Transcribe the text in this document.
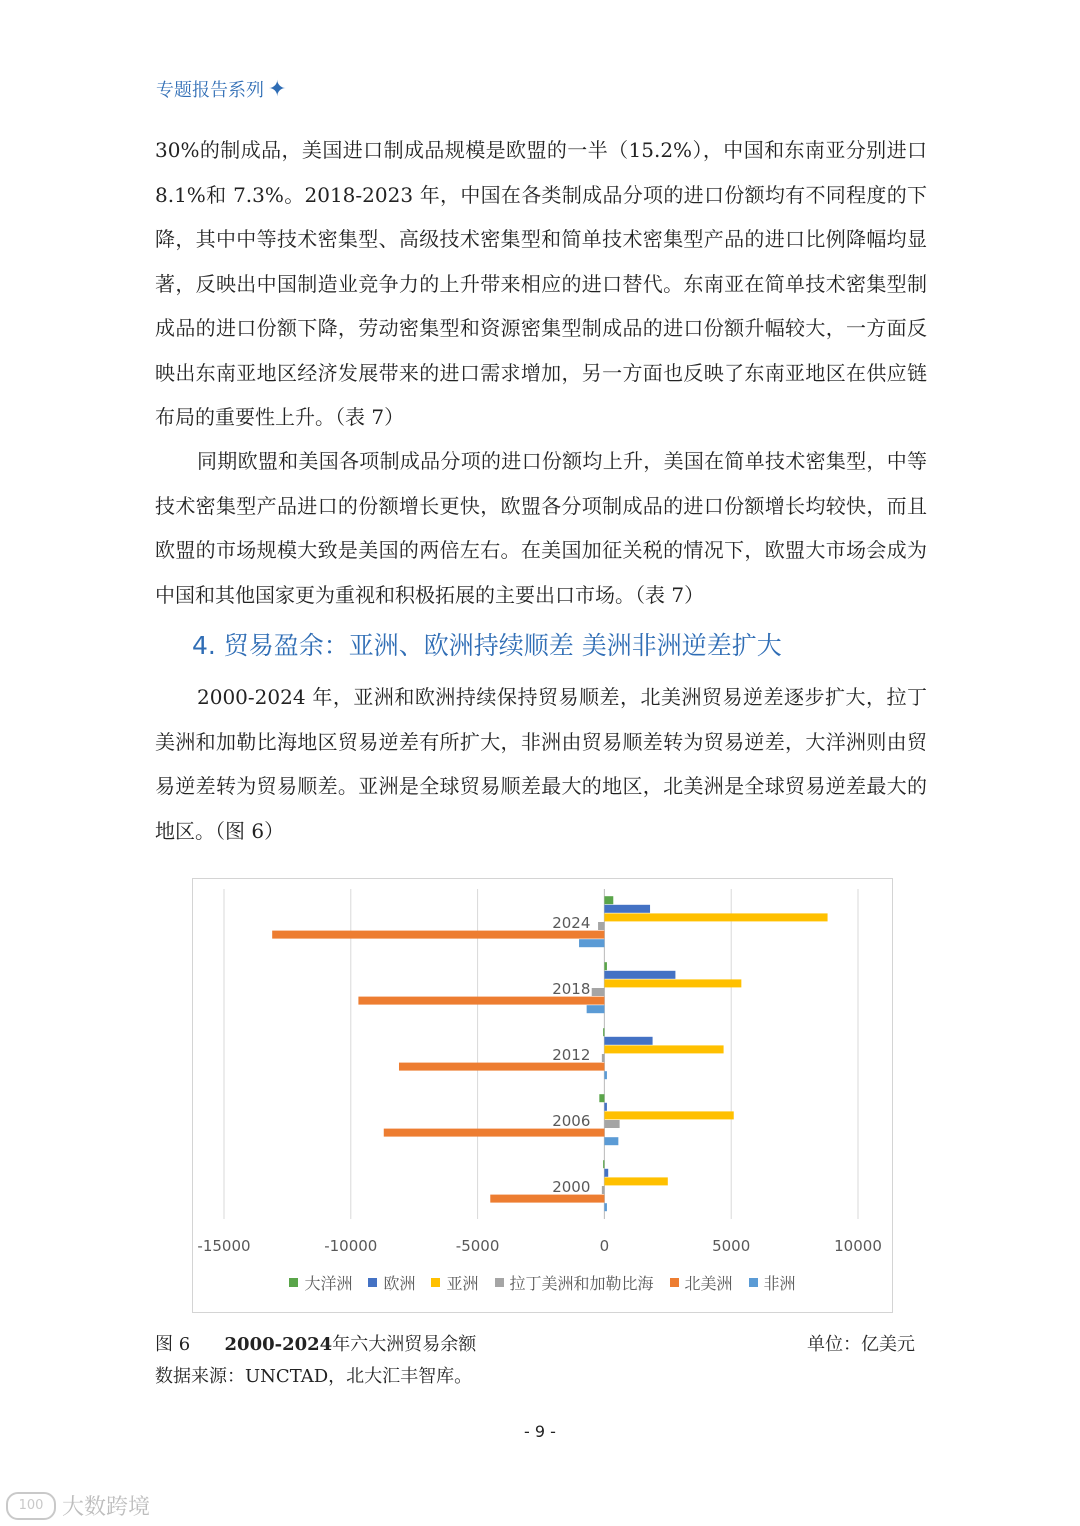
专题报告系列 ✦
30%的制成品，美国进口制成品规模是欧盟的一半（15.2%），中国和东南亚分别进口 8.1%和 7.3%。2018-2023 年，中国在各类制成品分项的进口份额均有不同程度的下降，其中中等技术密集型、高级技术密集型和简单技术密集型产品的进口比例降幅均显著，反映出中国制造业竞争力的上升带来相应的进口替代。东南亚在简单技术密集型制成品的进口份额下降，劳动密集型和资源密集型制成品的进口份额升幅较大，一方面反映出东南亚地区经济发展带来的进口需求增加，另一方面也反映了东南亚地区在供应链布局的重要性上升。（表 7）
同期欧盟和美国各项制成品分项的进口份额均上升，美国在简单技术密集型，中等技术密集型产品进口的份额增长更快，欧盟各分项制成品的进口份额增长均较快，而且欧盟的市场规模大致是美国的两倍左右。在美国加征关税的情况下，欧盟大市场会成为中国和其他国家更为重视和积极拓展的主要出口市场。（表 7）
4. 贸易盈余：亚洲、欧洲持续顺差 美洲非洲逆差扩大
2000-2024 年，亚洲和欧洲持续保持贸易顺差，北美洲贸易逆差逐步扩大，拉丁美洲和加勒比海地区贸易逆差有所扩大，非洲由贸易顺差转为贸易逆差，大洋洲则由贸易逆差转为贸易顺差。亚洲是全球贸易顺差最大的地区，北美洲是全球贸易逆差最大的地区。（图 6）
-15000	-10000	-5000	0	5000	10000
2000
2006
2012
2018
2024
大洋洲 欧洲 亚洲 拉丁美洲和加勒比海 北美洲 非洲
图 6 2000-2024年六大洲贸易余额	单位：亿美元
数据来源：UNCTAD，北大汇丰智库。
- 9 -
100 大数跨境
